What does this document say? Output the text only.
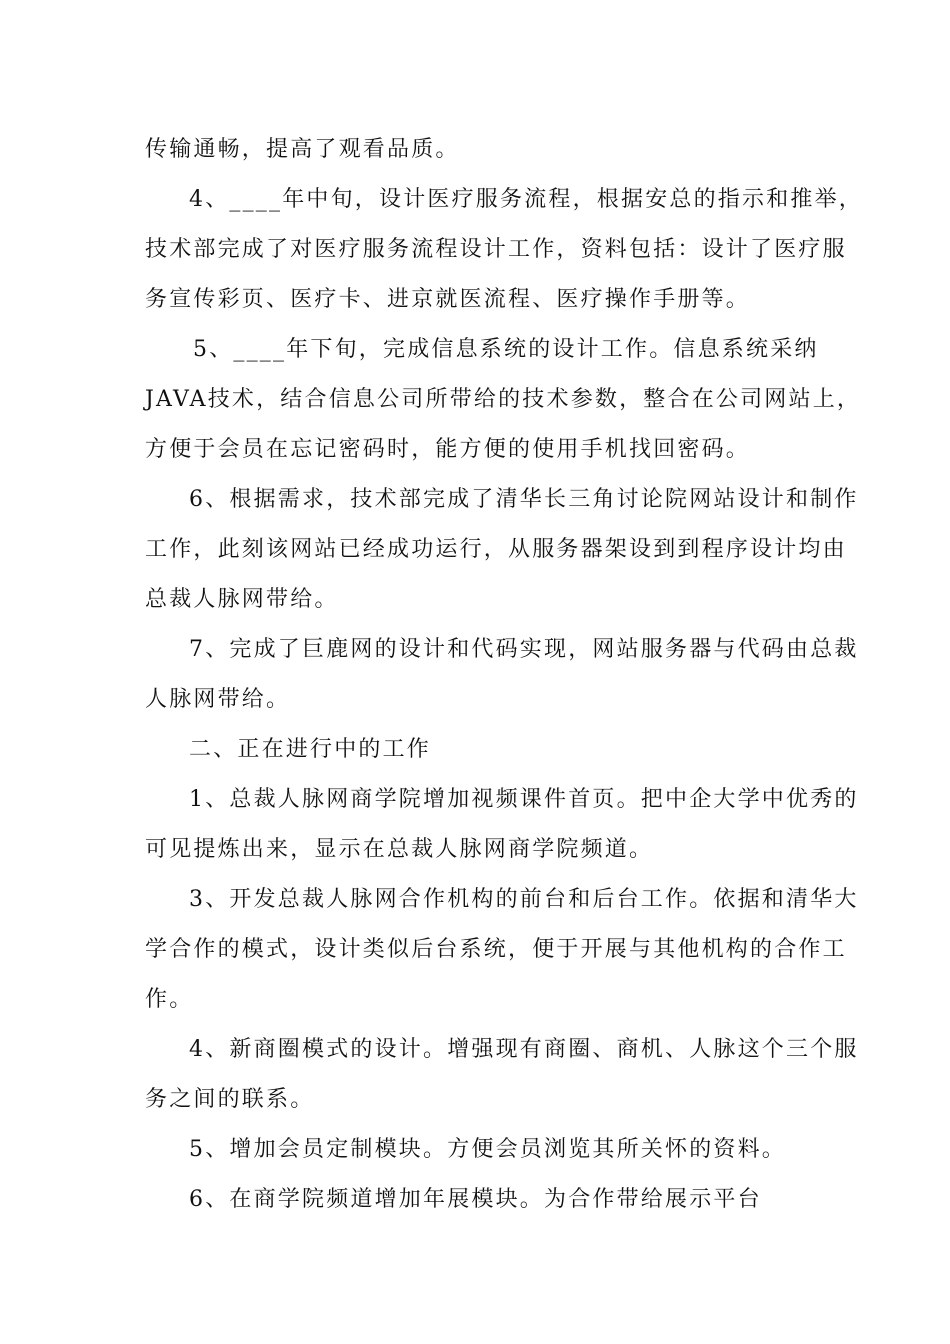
传输通畅，提高了观看品质。
4、____年中旬，设计医疗服务流程，根据安总的指示和推举，
技术部完成了对医疗服务流程设计工作，资料包括：设计了医疗服
务宣传彩页、医疗卡、进京就医流程、医疗操作手册等。
5、____年下旬，完成信息系统的设计工作。信息系统采纳
JAVA技术，结合信息公司所带给的技术参数，整合在公司网站上，
方便于会员在忘记密码时，能方便的使用手机找回密码。
6、根据需求，技术部完成了清华长三角讨论院网站设计和制作
工作，此刻该网站已经成功运行，从服务器架设到到程序设计均由
总裁人脉网带给。
7、完成了巨鹿网的设计和代码实现，网站服务器与代码由总裁
人脉网带给。
二、正在进行中的工作
1、总裁人脉网商学院增加视频课件首页。把中企大学中优秀的
可见提炼出来，显示在总裁人脉网商学院频道。
3、开发总裁人脉网合作机构的前台和后台工作。依据和清华大
学合作的模式，设计类似后台系统，便于开展与其他机构的合作工
作。
4、新商圈模式的设计。增强现有商圈、商机、人脉这个三个服
务之间的联系。
5、增加会员定制模块。方便会员浏览其所关怀的资料。
6、在商学院频道增加年展模块。为合作带给展示平台
